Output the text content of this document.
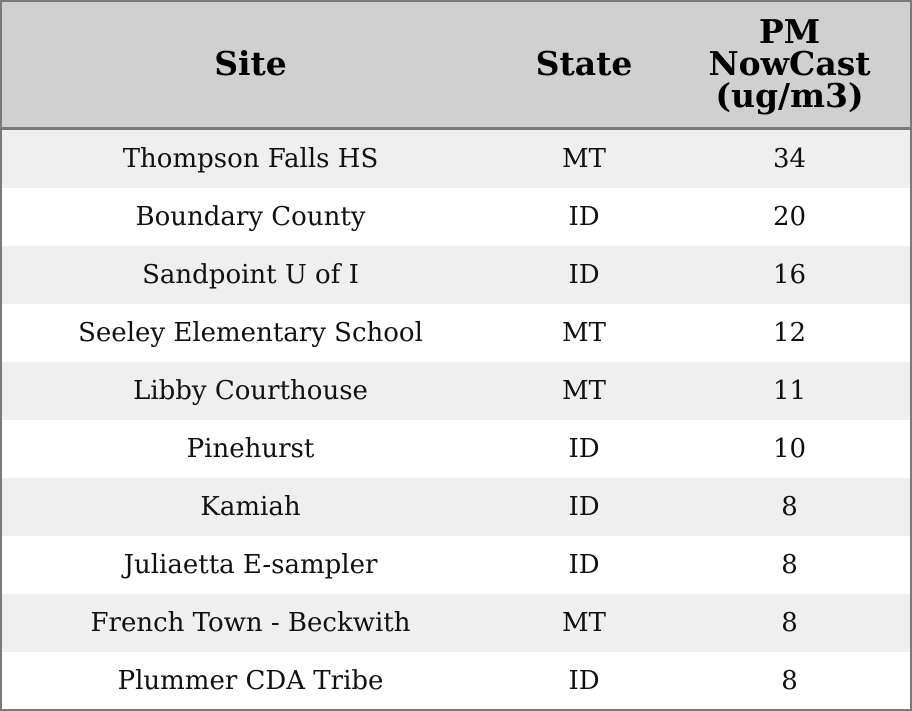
Site	State	PM
NowCast
(ug/m3)
Thompson Falls HS	MT	34
Boundary County	ID	20
Sandpoint U of I	ID	16
Seeley Elementary School	MT	12
Libby Courthouse	MT	11
Pinehurst	ID	10
Kamiah	ID	8
Juliaetta E-sampler	ID	8
French Town - Beckwith	MT	8
Plummer CDA Tribe	ID	8
